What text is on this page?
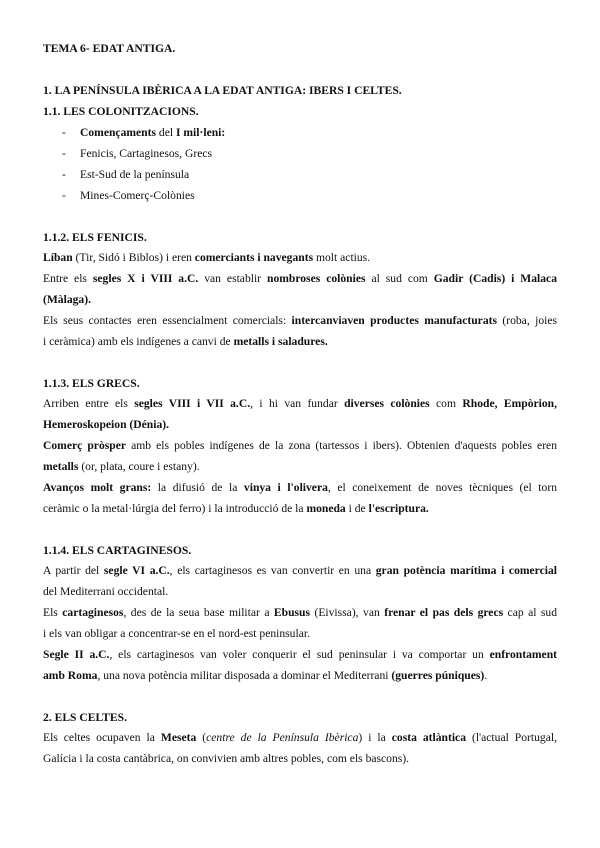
TEMA 6- EDAT ANTIGA.
1. LA PENÍNSULA IBÈRICA A LA EDAT ANTIGA: IBERS I CELTES.
1.1. LES COLONITZACIONS.
- Començaments del I mil·leni:
- Fenicis, Cartaginesos, Grecs
- Est-Sud de la península
- Mines-Comerç-Colònies
1.1.2. ELS FENICIS.
Líban (Tir, Sidó i Biblos) i eren comerciants i navegants molt actius.
Entre els segles X i VIII a.C. van establir nombroses colònies al sud com Gadir (Cadis) i Malaca
(Màlaga).
Els seus contactes eren essencialment comercials: intercanviaven productes manufacturats (roba, joies
i ceràmica) amb els indígenes a canvi de metalls i saladures.
1.1.3. ELS GRECS.
Arriben entre els segles VIII i VII a.C., i hi van fundar diverses colònies com Rhode, Empòrion,
Hemeroskopeion (Dénia).
Comerç pròsper amb els pobles indígenes de la zona (tartessos i ibers). Obtenien d'aquests pobles eren
metalls (or, plata, coure i estany).
Avanços molt grans: la difusió de la vinya i l'olivera, el coneixement de noves tècniques (el torn
ceràmic o la metal·lúrgia del ferro) i la introducció de la moneda i de l'escriptura.
1.1.4. ELS CARTAGINESOS.
A partir del segle VI a.C., els cartaginesos es van convertir en una gran potència marítima i comercial
del Mediterrani occidental.
Els cartaginesos, des de la seua base militar a Ebusus (Eivissa), van frenar el pas dels grecs cap al sud
i els van obligar a concentrar-se en el nord-est peninsular.
Segle II a.C., els cartaginesos van voler conquerir el sud peninsular i va comportar un enfrontament
amb Roma, una nova potència militar disposada a dominar el Mediterrani (guerres púniques).
2. ELS CELTES.
Els celtes ocupaven la Meseta (centre de la Península Ibèrica) i la costa atlàntica (l'actual Portugal,
Galícia i la costa cantàbrica, on convivien amb altres pobles, com els bascons).
